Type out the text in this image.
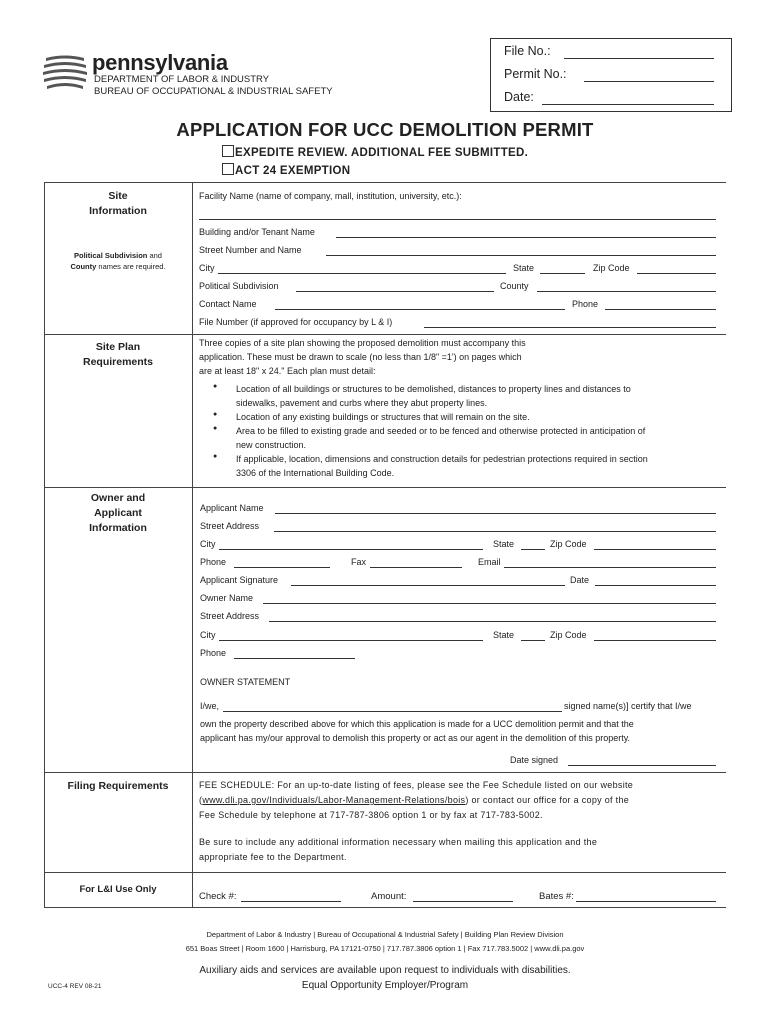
pennsylvania
DEPARTMENT OF LABOR & INDUSTRY
BUREAU OF OCCUPATIONAL & INDUSTRIAL SAFETY
File No.:
Permit No.:
Date:
APPLICATION FOR UCC DEMOLITION PERMIT
EXPEDITE REVIEW. ADDITIONAL FEE SUBMITTED.
ACT 24 EXEMPTION
Site
Information
Political Subdivision and
County names are required.
Facility Name (name of company, mall, institution, university, etc.):
Building and/or Tenant Name
Street Number and Name
City	State	Zip Code
Political Subdivision	County
Contact Name	Phone
File Number (if approved for occupancy by L & I)
Site Plan
Requirements
Three copies of a site plan showing the proposed demolition must accompany this
application. These must be drawn to scale (no less than 1/8" =1') on pages which
are at least 18" x 24." Each plan must detail:
● Location of all buildings or structures to be demolished, distances to property lines and distances to
sidewalks, pavement and curbs where they abut property lines.
● Location of any existing buildings or structures that will remain on the site.
● Area to be filled to existing grade and seeded or to be fenced and otherwise protected in anticipation of
new construction.
● If applicable, location, dimensions and construction details for pedestrian protections required in section
3306 of the International Building Code.
Owner and
Applicant
Information
Applicant Name
Street Address
City	State	Zip Code
Phone	Fax	Email
Applicant Signature	Date
Owner Name
Street Address
City	State	Zip Code
Phone
OWNER STATEMENT
I/we,	signed name(s)] certify that I/we
own the property described above for which this application is made for a UCC demolition permit and that the
applicant has my/our approval to demolish this property or act as our agent in the demolition of this property.
Date signed
Filing Requirements	FEE SCHEDULE: For an up-to-date listing of fees, please see the Fee Schedule listed on our website
(www.dli.pa.gov/Individuals/Labor-Management-Relations/bois) or contact our office for a copy of the
Fee Schedule by telephone at 717-787-3806 option 1 or by fax at 717-783-5002.
Be sure to include any additional information necessary when mailing this application and the
appropriate fee to the Department.
For L&I Use Only
Check #:	Amount:	Bates #:
Department of Labor & Industry | Bureau of Occupational & Industrial Safety | Building Plan Review Division
651 Boas Street | Room 1600 | Harrisburg, PA 17121-0750 | 717.787.3806 option 1 | Fax 717.783.5002 | www.dli.pa.gov
Auxiliary aids and services are available upon request to individuals with disabilities.
Equal Opportunity Employer/Program
UCC-4 REV 08-21
